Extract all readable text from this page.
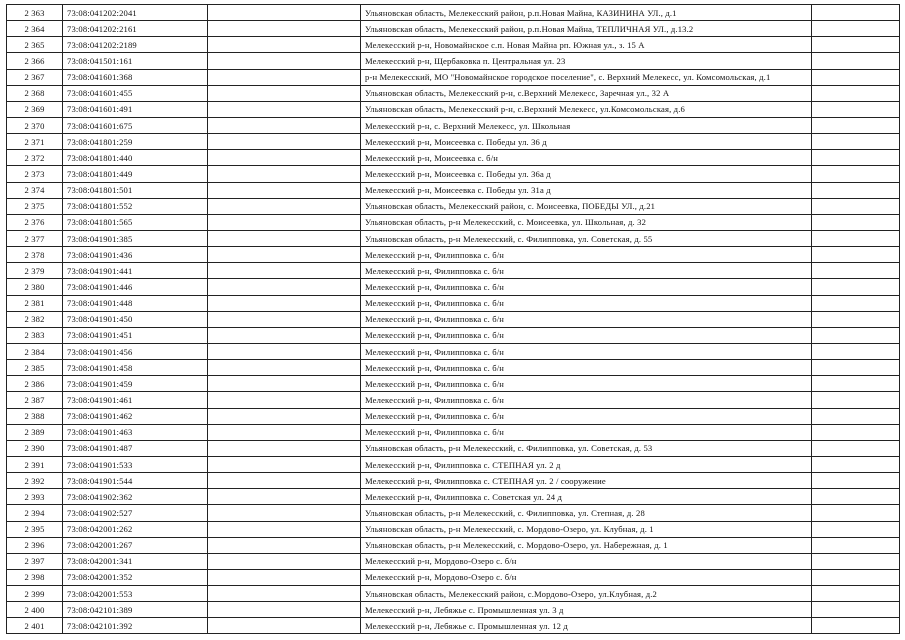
2 363	73:08:041202:2041		Ульяновская область, Мелекесский район, р.п.Новая Майна, КАЗИНИНА УЛ., д.1	
2 364	73:08:041202:2161		Ульяновская область, Мелекесский район, р.п.Новая Майна, ТЕПЛИЧНАЯ УЛ., д.13.2	
2 365	73:08:041202:2189		Мелекесский р-н, Новомайнское с.п. Новая Майна рп. Южная ул., з. 15 А	
2 366	73:08:041501:161		Мелекесский р-н, Щербаковка п. Центральная ул. 23	
2 367	73:08:041601:368		р-н Мелекесский, МО "Новомайнское городское поселение", с. Верхний Мелекесс, ул. Комсомольская, д.1	
2 368	73:08:041601:455		Ульяновская область, Мелекесский р-н, с.Верхний Мелекесс, Заречная ул., 32 А	
2 369	73:08:041601:491		Ульяновская область, Мелекесский р-н, с.Верхний Мелекесс, ул.Комсомольская, д.6	
2 370	73:08:041601:675		Мелекесский р-н, с. Верхний Мелекесс, ул. Школьная	
2 371	73:08:041801:259		Мелекесский р-н, Моисеевка с. Победы ул. 36 д	
2 372	73:08:041801:440		Мелекесский р-н, Моисеевка с. б/н	
2 373	73:08:041801:449		Мелекесский р-н, Моисеевка с. Победы ул. 36а д	
2 374	73:08:041801:501		Мелекесский р-н, Моисеевка с. Победы ул. 31а д	
2 375	73:08:041801:552		Ульяновская область, Мелекесский район, с. Моисеевка, ПОБЕДЫ УЛ., д.21	
2 376	73:08:041801:565		Ульяновская область, р-н Мелекесский, с. Моисеевка, ул. Школьная, д. 32	
2 377	73:08:041901:385		Ульяновская область, р-н Мелекесский, с. Филипповка, ул. Советская, д. 55	
2 378	73:08:041901:436		Мелекесский р-н, Филипповка с. б/н	
2 379	73:08:041901:441		Мелекесский р-н, Филипповка с. б/н	
2 380	73:08:041901:446		Мелекесский р-н, Филипповка с. б/н	
2 381	73:08:041901:448		Мелекесский р-н, Филипповка с. б/н	
2 382	73:08:041901:450		Мелекесский р-н, Филипповка с. б/н	
2 383	73:08:041901:451		Мелекесский р-н, Филипповка с. б/н	
2 384	73:08:041901:456		Мелекесский р-н, Филипповка с. б/н	
2 385	73:08:041901:458		Мелекесский р-н, Филипповка с. б/н	
2 386	73:08:041901:459		Мелекесский р-н, Филипповка с. б/н	
2 387	73:08:041901:461		Мелекесский р-н, Филипповка с. б/н	
2 388	73:08:041901:462		Мелекесский р-н, Филипповка с. б/н	
2 389	73:08:041901:463		Мелекесский р-н, Филипповка с. б/н	
2 390	73:08:041901:487		Ульяновская область, р-н Мелекесский, с. Филипповка, ул. Советская, д. 53	
2 391	73:08:041901:533		Мелекесский р-н, Филипповка с. СТЕПНАЯ ул. 2 д	
2 392	73:08:041901:544		Мелекесский р-н, Филипповка с. СТЕПНАЯ ул. 2 / сооружение	
2 393	73:08:041902:362		Мелекесский р-н, Филипповка с. Советская ул. 24 д	
2 394	73:08:041902:527		Ульяновская область, р-н Мелекесский, с. Филипповка, ул. Степная, д. 28	
2 395	73:08:042001:262		Ульяновская область, р-н Мелекесский, с. Мордово-Озеро, ул. Клубная, д. 1	
2 396	73:08:042001:267		Ульяновская область, р-н Мелекесский, с. Мордово-Озеро, ул. Набережная, д. 1	
2 397	73:08:042001:341		Мелекесский р-н, Мордово-Озеро с. б/н	
2 398	73:08:042001:352		Мелекесский р-н, Мордово-Озеро с. б/н	
2 399	73:08:042001:553		Ульяновская область, Мелекесский район, с.Мордово-Озеро, ул.Клубная, д.2	
2 400	73:08:042101:389		Мелекесский р-н, Лебяжье с. Промышленная ул. 3 д	
2 401	73:08:042101:392		Мелекесский р-н, Лебяжье с. Промышленная ул. 12 д	
